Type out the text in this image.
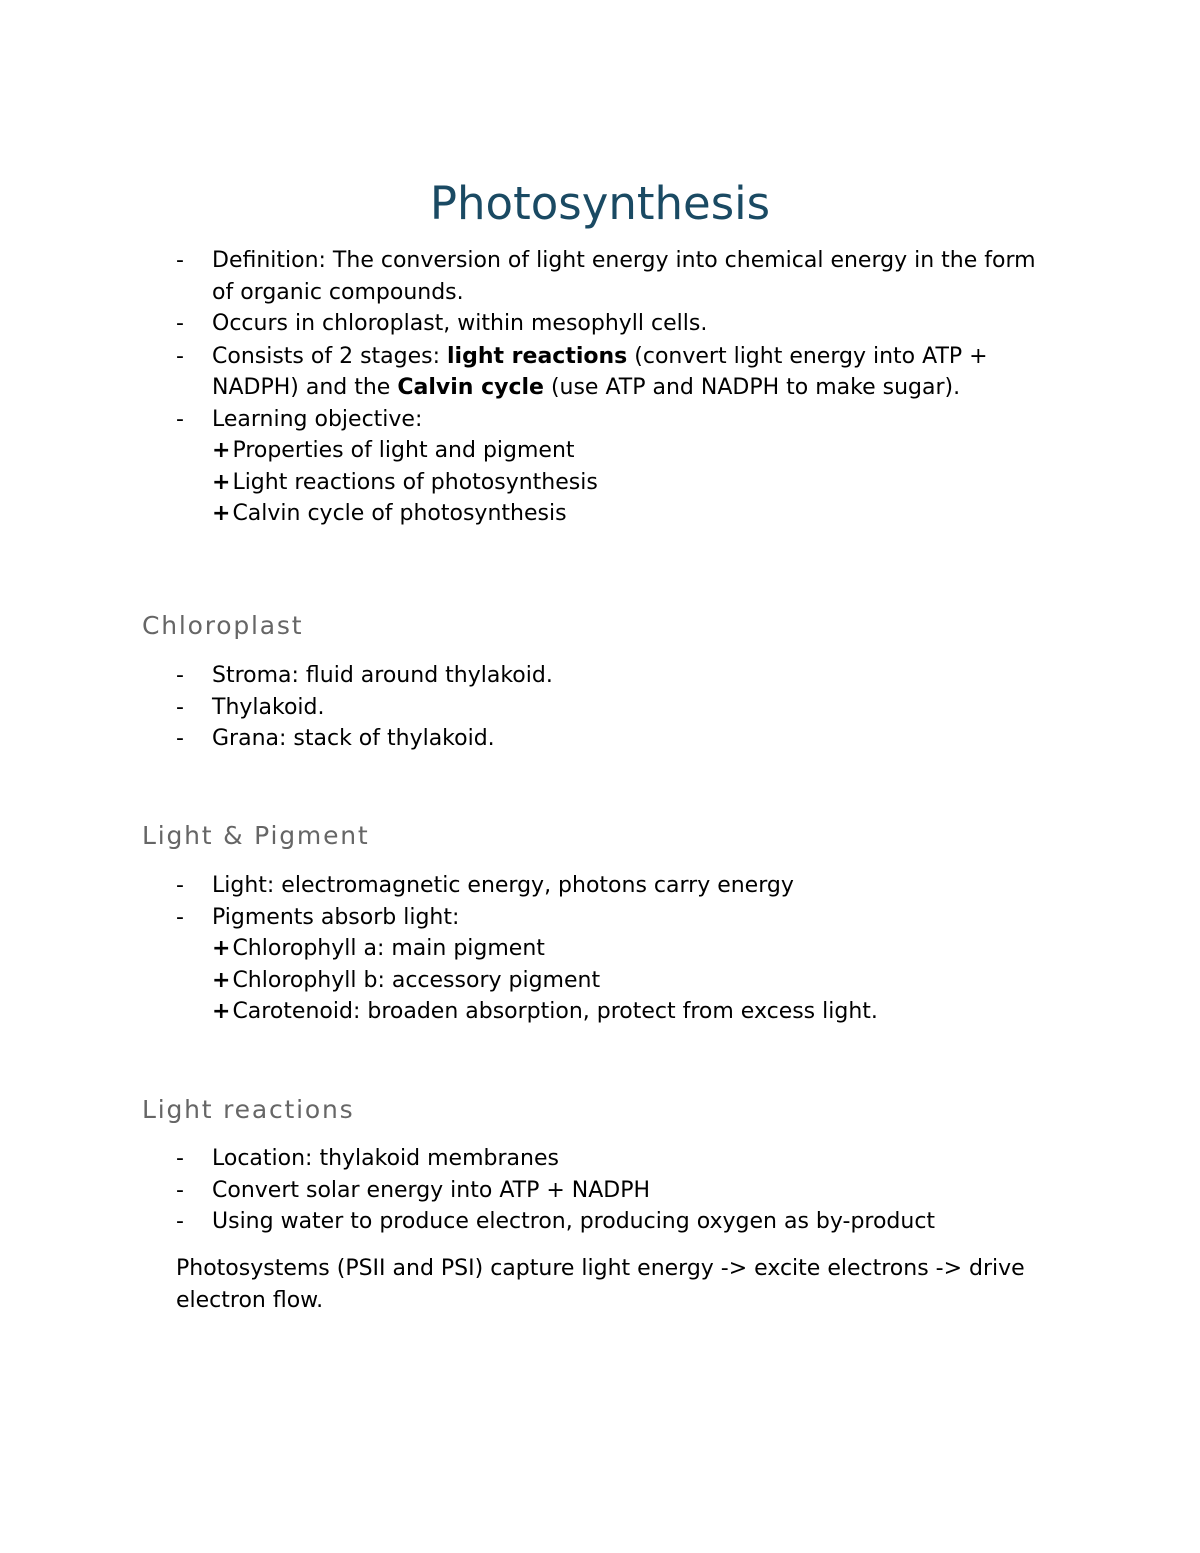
Photosynthesis
-	Definition: The conversion of light energy into chemical energy in the form of organic compounds.
-	Occurs in chloroplast, within mesophyll cells.
-	Consists of 2 stages: light reactions (convert light energy into ATP + NADPH) and the Calvin cycle (use ATP and NADPH to make sugar).
-	Learning objective:
+Properties of light and pigment
+Light reactions of photosynthesis
+Calvin cycle of photosynthesis
Chloroplast
-	Stroma: fluid around thylakoid.
-	Thylakoid.
-	Grana: stack of thylakoid.
Light & Pigment
-	Light: electromagnetic energy, photons carry energy
-	Pigments absorb light:
+Chlorophyll a: main pigment
+Chlorophyll b: accessory pigment
+Carotenoid: broaden absorption, protect from excess light.
Light reactions
-	Location: thylakoid membranes
-	Convert solar energy into ATP + NADPH
-	Using water to produce electron, producing oxygen as by-product

Photosystems (PSII and PSI) capture light energy -> excite electrons -> drive electron flow.
